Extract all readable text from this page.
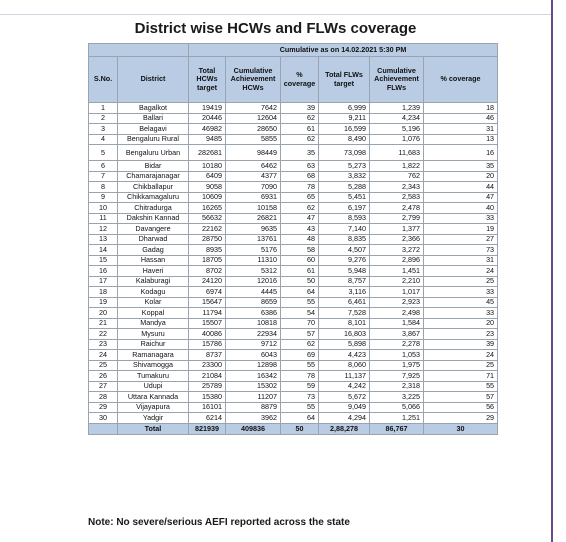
District wise HCWs and FLWs coverage
		Cumulative as on 14.02.2021 5:30 PM					
S.No.	District	Total HCWs target	Cumulative Achievement HCWs	% coverage	Total FLWs target	Cumulative Achievement FLWs	% coverage
1	Bagalkot	19419	7642	39	6,999	1,239	18
2	Ballari	20446	12604	62	9,211	4,234	46
3	Belagavi	46982	28650	61	16,599	5,196	31
4	Bengaluru Rural	9485	5855	62	8,490	1,076	13
5	Bengaluru Urban	282681	98449	35	73,098	11,683	16
6	Bidar	10180	6462	63	5,273	1,822	35
7	Chamarajanagar	6409	4377	68	3,832	762	20
8	Chikballapur	9058	7090	78	5,288	2,343	44
9	Chikkamagaluru	10609	6931	65	5,451	2,583	47
10	Chitradurga	16265	10158	62	6,197	2,478	40
11	Dakshin Kannad	56632	26821	47	8,593	2,799	33
12	Davangere	22162	9635	43	7,140	1,377	19
13	Dharwad	28750	13761	48	8,835	2,366	27
14	Gadag	8935	5176	58	4,507	3,272	73
15	Hassan	18705	11310	60	9,276	2,896	31
16	Haveri	8702	5312	61	5,948	1,451	24
17	Kalaburagi	24120	12016	50	8,757	2,210	25
18	Kodagu	6974	4445	64	3,116	1,017	33
19	Kolar	15647	8659	55	6,461	2,923	45
20	Koppal	11794	6386	54	7,528	2,498	33
21	Mandya	15507	10818	70	8,101	1,584	20
22	Mysuru	40086	22934	57	16,803	3,867	23
23	Raichur	15786	9712	62	5,898	2,278	39
24	Ramanagara	8737	6043	69	4,423	1,053	24
25	Shivamogga	23300	12898	55	8,060	1,975	25
26	Tumakuru	21084	16342	78	11,137	7,925	71
27	Udupi	25789	15302	59	4,242	2,318	55
28	Uttara Kannada	15380	11207	73	5,672	3,225	57
29	Vijayapura	16101	8879	55	9,049	5,066	56
30	Yadgir	6214	3962	64	4,294	1,251	29
	Total	821939	409836	50	2,88,278	86,767	30
Note: No severe/serious AEFI reported across the state
